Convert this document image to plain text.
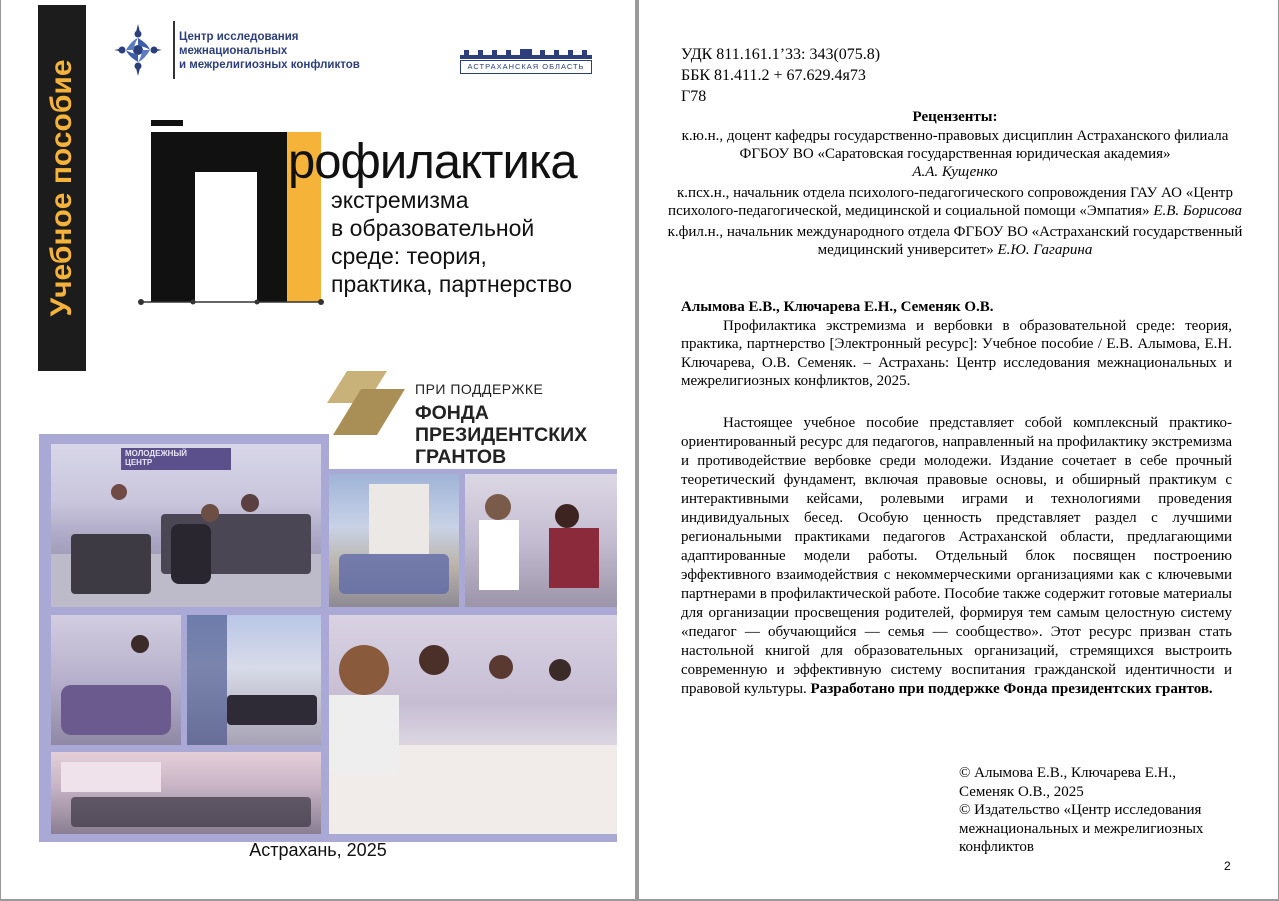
Учебное пособие
Центр исследования
межнациональных
и межрелигиозных конфликтов	АСТРАХАНСКАЯ ОБЛАСТЬ
рофилактика
экстремизма
в образовательной
среде: теория,
практика, партнерство
МОЛОДЕЖНЫЙ
ЦЕНТР
ПРИ ПОДДЕРЖКЕ
ФОНДА
ПРЕЗИДЕНТСКИХ
ГРАНТОВ
Астрахань, 2025
УДК 811.161.1’33: 343(075.8)
ББК 81.411.2 + 67.629.4я73
Г78

Рецензенты:

к.ю.н., доцент кафедры государственно-правовых дисциплин Астраханского филиала ФГБОУ ВО «Саратовская государственная юридическая академия»
А.А. Кущенко

к.псх.н., начальник отдела психолого-педагогического сопровождения ГАУ АО «Центр психолого-педагогической, медицинской и социальной помощи «Эмпатия» Е.В. Борисова

к.фил.н., начальник международного отдела ФГБОУ ВО «Астраханский государственный медицинский университет» Е.Ю. Гагарина

Алымова Е.В., Ключарева Е.Н., Семеняк О.В.

Профилактика экстремизма и вербовки в образовательной среде: теория, практика, партнерство [Электронный ресурс]: Учебное пособие / Е.В. Алымова, Е.Н. Ключарева, О.В. Семеняк. – Астрахань: Центр исследования межнациональных и межрелигиозных конфликтов, 2025.

Настоящее учебное пособие представляет собой комплексный практико-ориентированный ресурс для педагогов, направленный на профилактику экстремизма и противодействие вербовке среди молодежи. Издание сочетает в себе прочный теоретический фундамент, включая правовые основы, и обширный практикум с интерактивными кейсами, ролевыми играми и технологиями проведения индивидуальных бесед. Особую ценность представляет раздел с лучшими региональными практиками педагогов Астраханской области, предлагающими адаптированные модели работы. Отдельный блок посвящен построению эффективного взаимодействия с некоммерческими организациями как с ключевыми партнерами в профилактической работе. Пособие также содержит готовые материалы для организации просвещения родителей, формируя тем самым целостную систему «педагог — обучающийся — семья — сообщество». Этот ресурс призван стать настольной книгой для образовательных организаций, стремящихся выстроить современную и эффективную систему воспитания гражданской идентичности и правовой культуры. Разработано при поддержке Фонда президентских грантов.

© Алымова Е.В., Ключарева Е.Н.,
Семеняк О.В., 2025
© Издательство «Центр исследования
межнациональных и межрелигиозных
конфликтов
2
